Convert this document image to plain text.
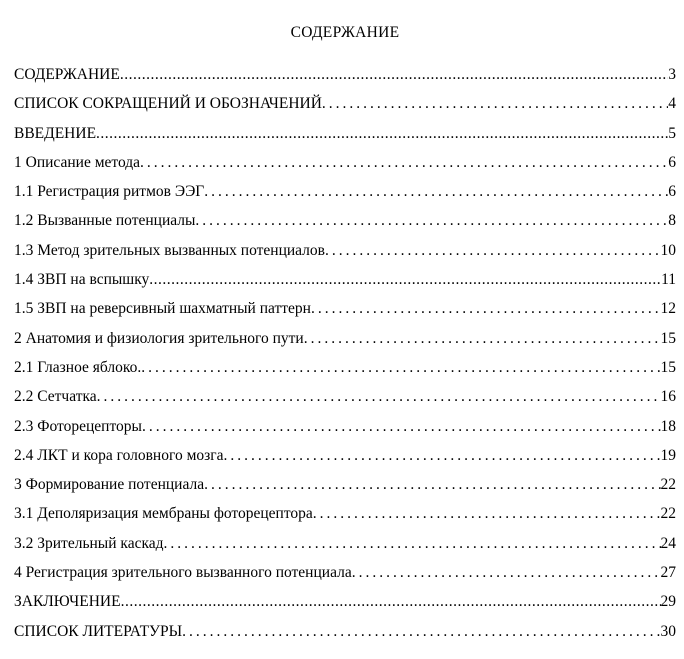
СОДЕРЖАНИЕ
СОДЕРЖАНИЕ .....	3
СПИСОК СОКРАЩЕНИЙ И ОБОЗНАЧЕНИЙ .....	4
ВВЕДЕНИЕ .....	5
1 Описание метода .....	6
1.1 Регистрация ритмов ЭЭГ .....	6
1.2 Вызванные потенциалы .....	8
1.3 Метод зрительных вызванных потенциалов .....	10
1.4 ЗВП на вспышку .....	11
1.5 ЗВП на реверсивный шахматный паттерн .....	12
2 Анатомия и физиология зрительного пути .....	15
2.1 Глазное яблоко. .....	15
2.2 Сетчатка .....	16
2.3 Фоторецепторы .....	18
2.4 ЛКТ и кора головного мозга .....	19
3 Формирование потенциала .....	22
3.1 Деполяризация мембраны фоторецептора .....	22
3.2 Зрительный каскад .....	24
4 Регистрация зрительного вызванного потенциала .....	27
ЗАКЛЮЧЕНИЕ .....	29
СПИСОК ЛИТЕРАТУРЫ .....	30
